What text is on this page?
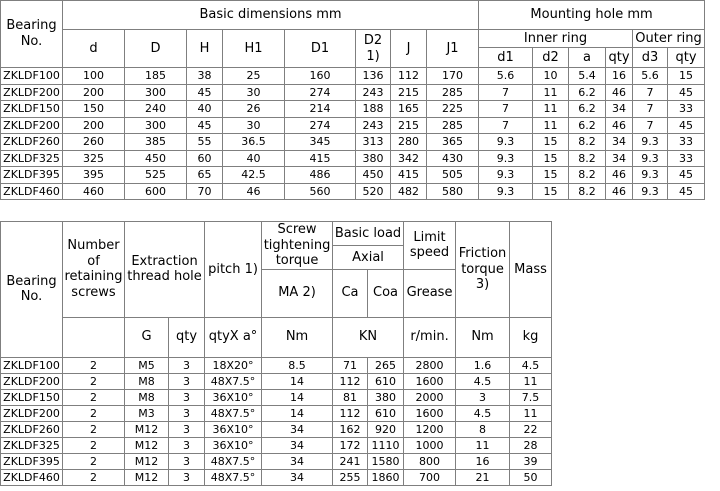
Bearing No.	Basic dimensions mm								Mounting hole mm					
	d	D	H	H1	D1	D2 1)	J	J1	Inner ring				Outer ring	
									d1	d2	a	qty	d3	qty
ZKLDF100	100	185	38	25	160	136	112	170	5.6	10	5.4	16	5.6	15
ZKLDF200	200	300	45	30	274	243	215	285	7	11	6.2	46	7	45
ZKLDF150	150	240	40	26	214	188	165	225	7	11	6.2	34	7	33
ZKLDF200	200	300	45	30	274	243	215	285	7	11	6.2	46	7	45
ZKLDF260	260	385	55	36.5	345	313	280	365	9.3	15	8.2	34	9.3	33
ZKLDF325	325	450	60	40	415	380	342	430	9.3	15	8.2	34	9.3	33
ZKLDF395	395	525	65	42.5	486	450	415	505	9.3	15	8.2	46	9.3	45
ZKLDF460	460	600	70	46	560	520	482	580	9.3	15	8.2	46	9.3	45
Bearing No.	Number of retaining screws	Extraction thread hole		pitch 1)	Screw tightening torque	Basic load		Limit speed	Friction torque 3)	Mass
						Axial				
					MA 2)	Ca	Coa	Grease		
		G	qty	qtyX a°	Nm	KN		r/min.	Nm	kg
ZKLDF100	2	M5	3	18X20°	8.5	71	265	2800	1.6	4.5
ZKLDF200	2	M8	3	48X7.5°	14	112	610	1600	4.5	11
ZKLDF150	2	M8	3	36X10°	14	81	380	2000	3	7.5
ZKLDF200	2	M3	3	48X7.5°	14	112	610	1600	4.5	11
ZKLDF260	2	M12	3	36X10°	34	162	920	1200	8	22
ZKLDF325	2	M12	3	36X10°	34	172	1110	1000	11	28
ZKLDF395	2	M12	3	48X7.5°	34	241	1580	800	16	39
ZKLDF460	2	M12	3	48X7.5°	34	255	1860	700	21	50
